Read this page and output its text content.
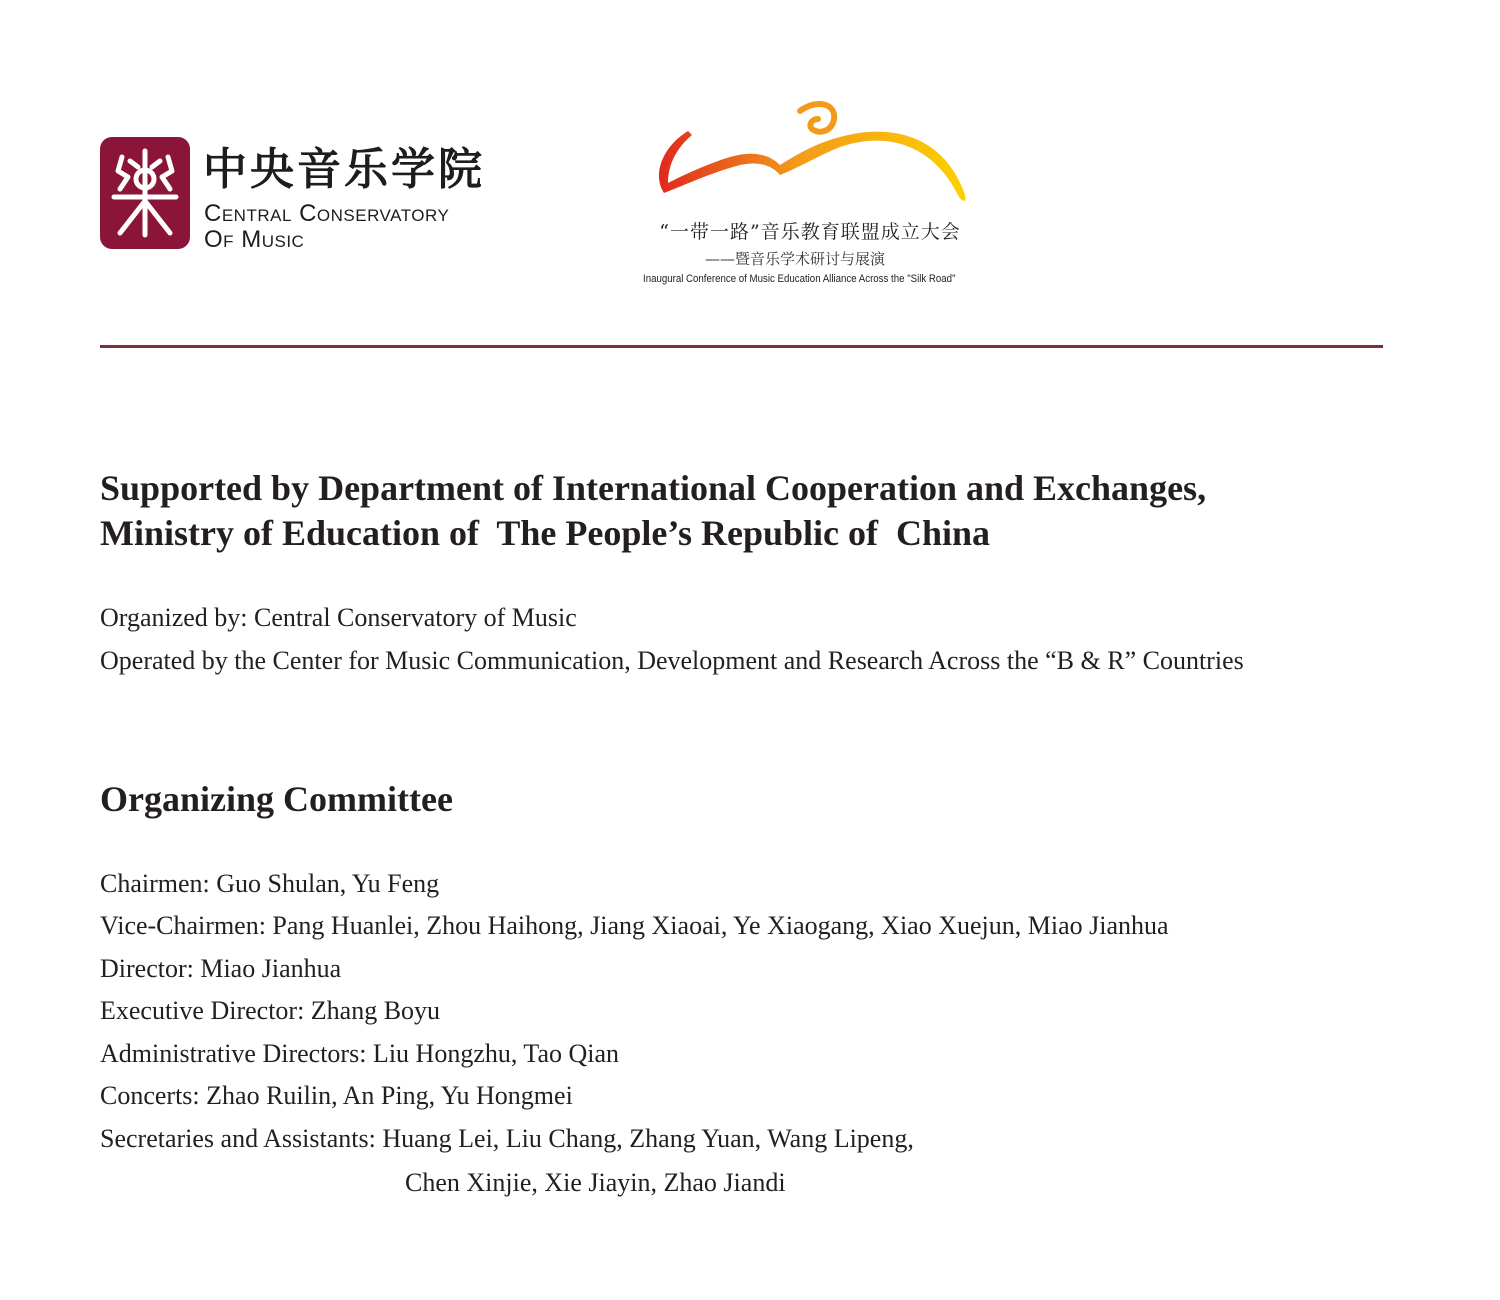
中央音乐学院
Central Conservatory
Of Music	“一带一路”音乐教育联盟成立大会
——暨音乐学术研讨与展演
Inaugural Conference of Music Education Alliance Across the "Silk Road"
Supported by Department of International Cooperation and Exchanges,
Ministry of Education of  The People’s Republic of  China
Organized by: Central Conservatory of Music
Operated by the Center for Music Communication, Development and Research Across the “B & R” Countries
Organizing Committee
Chairmen: Guo Shulan, Yu Feng
Vice-Chairmen: Pang Huanlei, Zhou Haihong, Jiang Xiaoai, Ye Xiaogang, Xiao Xuejun, Miao Jianhua
Director: Miao Jianhua
Executive Director: Zhang Boyu
Administrative Directors: Liu Hongzhu, Tao Qian
Concerts: Zhao Ruilin, An Ping, Yu Hongmei
Secretaries and Assistants: Huang Lei, Liu Chang, Zhang Yuan, Wang Lipeng,
Chen Xinjie, Xie Jiayin, Zhao Jiandi
